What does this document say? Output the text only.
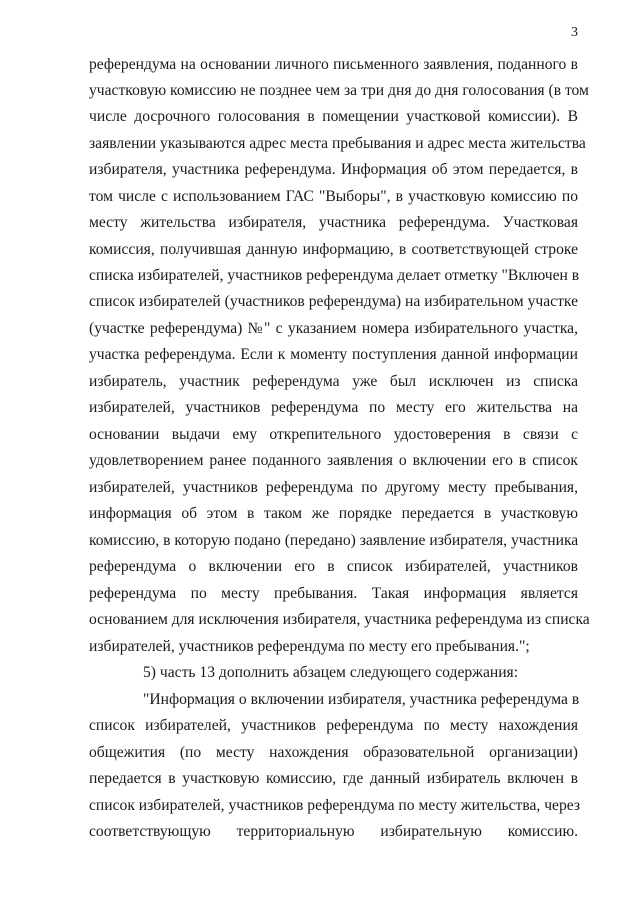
3
референдума на основании личного письменного заявления, поданного в
участковую комиссию не позднее чем за три дня до дня голосования (в том
числе досрочного голосования в помещении участковой комиссии). В
заявлении указываются адрес места пребывания и адрес места жительства
избирателя, участника референдума. Информация об этом передается, в
том числе с использованием ГАС "Выборы", в участковую комиссию по
месту жительства избирателя, участника референдума. Участковая
комиссия, получившая данную информацию, в соответствующей строке
списка избирателей, участников референдума делает отметку "Включен в
список избирателей (участников референдума) на избирательном участке
(участке референдума) №" с указанием номера избирательного участка,
участка референдума. Если к моменту поступления данной информации
избиратель, участник референдума уже был исключен из списка
избирателей, участников референдума по месту его жительства на
основании выдачи ему открепительного удостоверения в связи с
удовлетворением ранее поданного заявления о включении его в список
избирателей, участников референдума по другому месту пребывания,
информация об этом в таком же порядке передается в участковую
комиссию, в которую подано (передано) заявление избирателя, участника
референдума о включении его в список избирателей, участников
референдума по месту пребывания. Такая информация является
основанием для исключения избирателя, участника референдума из списка
избирателей, участников референдума по месту его пребывания.";
5) часть 13 дополнить абзацем следующего содержания:
"Информация о включении избирателя, участника референдума в
список избирателей, участников референдума по месту нахождения
общежития (по месту нахождения образовательной организации)
передается в участковую комиссию, где данный избиратель включен в
список избирателей, участников референдума по месту жительства, через
соответствующую территориальную избирательную комиссию.
